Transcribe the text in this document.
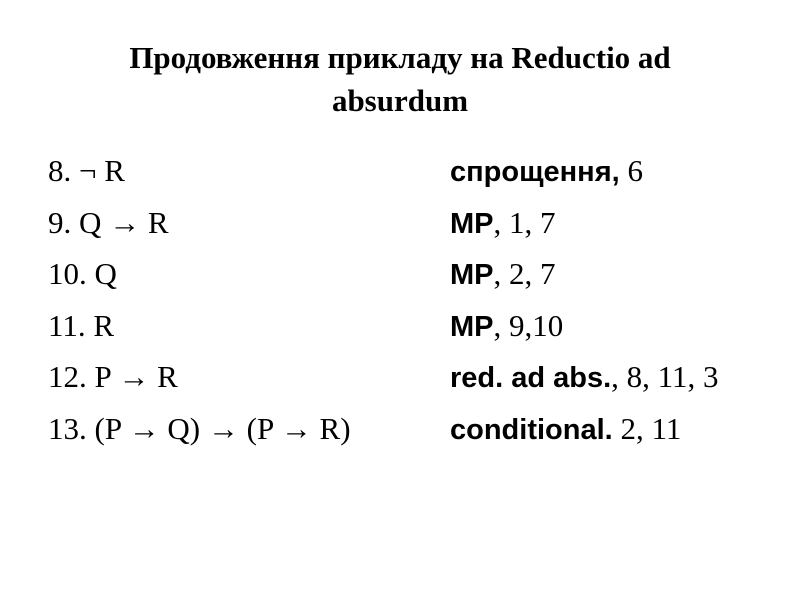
Продовження прикладу на Reductio ad absurdum
8. ¬ R	спрощення, 6
9. Q → R	MP, 1, 7
10. Q	MP, 2, 7
11. R	MP, 9,10
12. P → R	red. ad abs., 8, 11, 3
13. (P → Q) → (P → R)	conditional. 2, 11
